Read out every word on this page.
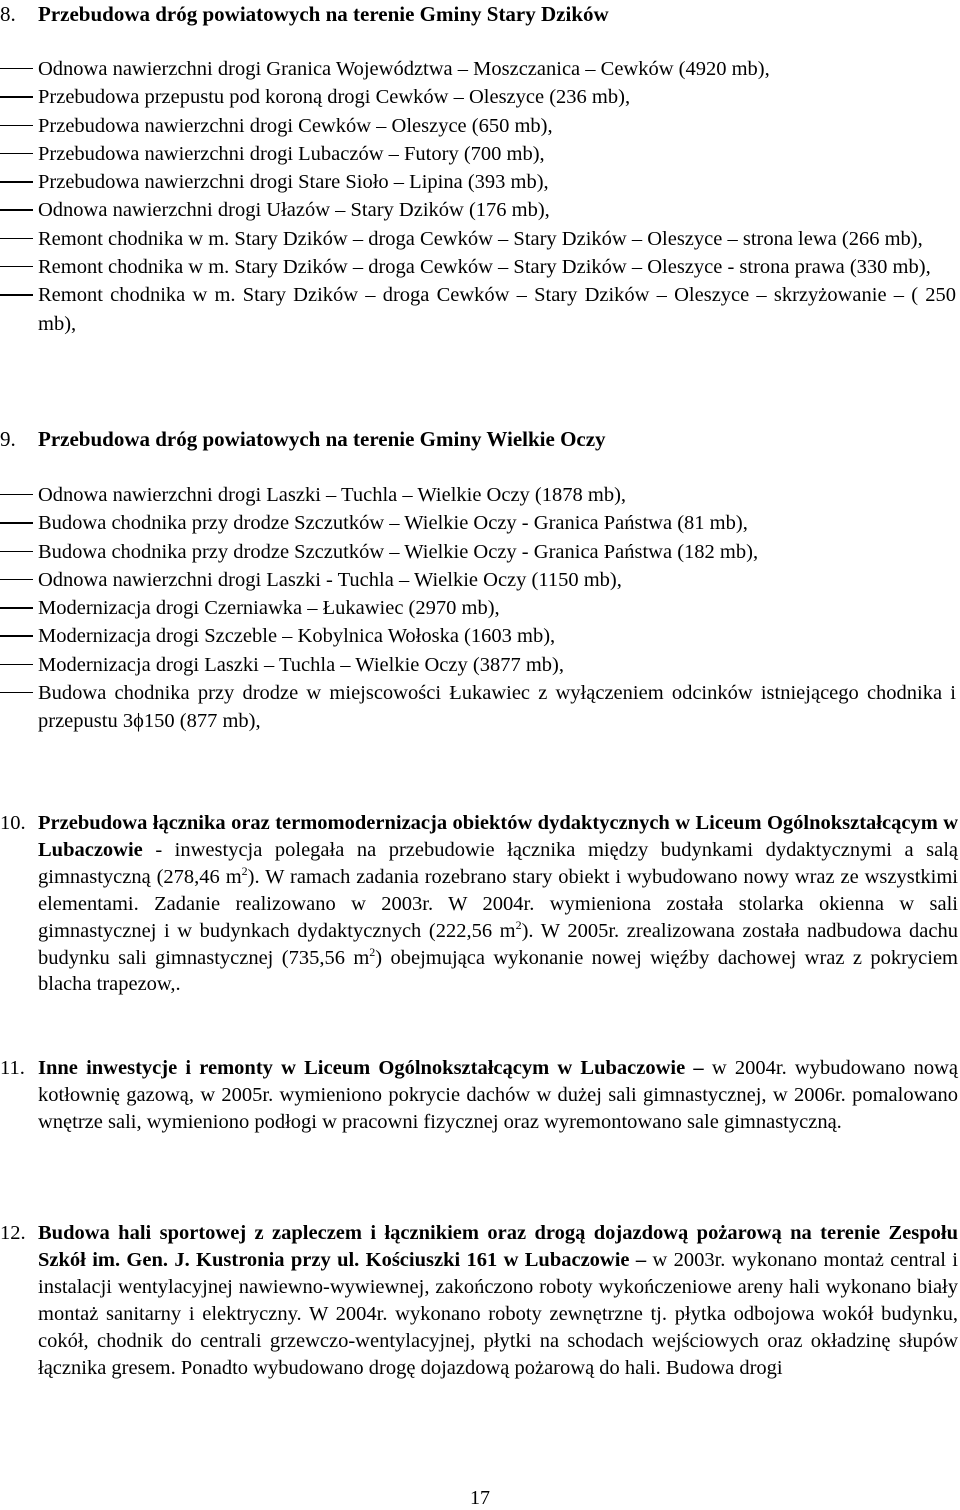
8. Przebudowa dróg powiatowych na terenie Gminy Stary Dzików
Odnowa nawierzchni drogi Granica Województwa – Moszczanica – Cewków (4920 mb),
Przebudowa przepustu pod koroną drogi Cewków – Oleszyce (236 mb),
Przebudowa nawierzchni drogi Cewków – Oleszyce (650 mb),
Przebudowa nawierzchni drogi Lubaczów – Futory (700 mb),
Przebudowa nawierzchni drogi Stare Sioło – Lipina (393 mb),
Odnowa nawierzchni drogi Ułazów – Stary Dzików (176 mb),
Remont chodnika w m. Stary Dzików – droga Cewków – Stary Dzików – Oleszyce – strona lewa (266 mb),
Remont chodnika w m. Stary Dzików – droga Cewków – Stary Dzików – Oleszyce - strona prawa (330 mb),
Remont chodnika w m. Stary Dzików – droga Cewków – Stary Dzików – Oleszyce – skrzyżowanie – ( 250 mb),
9. Przebudowa dróg powiatowych na terenie Gminy Wielkie Oczy
Odnowa nawierzchni drogi Laszki – Tuchla – Wielkie Oczy (1878 mb),
Budowa chodnika przy drodze Szczutków – Wielkie Oczy - Granica Państwa (81 mb),
Budowa chodnika przy drodze Szczutków – Wielkie Oczy - Granica Państwa (182 mb),
Odnowa nawierzchni drogi Laszki - Tuchla – Wielkie Oczy (1150 mb),
Modernizacja drogi Czerniawka – Łukawiec (2970 mb),
Modernizacja drogi Szczeble – Kobylnica Wołoska (1603 mb),
Modernizacja drogi Laszki – Tuchla – Wielkie Oczy (3877 mb),
Budowa chodnika przy drodze w miejscowości Łukawiec z wyłączeniem odcinków istniejącego chodnika i przepustu 3ϕ150 (877 mb),
10. Przebudowa łącznika oraz termomodernizacja obiektów dydaktycznych w Liceum Ogólnokształcącym w Lubaczowie - inwestycja polegała na przebudowie łącznika między budynkami dydaktycznymi a salą gimnastyczną (278,46 $m^2$). W ramach zadania rozebrano stary obiekt i wybudowano nowy wraz ze wszystkimi elementami. Zadanie realizowano w 2003r. W 2004r. wymieniona została stolarka okienna w sali gimnastycznej i w budynkach dydaktycznych (222,56 $m^2$). W 2005r. zrealizowana została nadbudowa dachu budynku sali gimnastycznej (735,56 $m^2$) obejmująca wykonanie nowej więźby dachowej wraz z pokryciem blacha trapezow,.
11. Inne inwestycje i remonty w Liceum Ogólnokształcącym w Lubaczowie – w 2004r. wybudowano nową kotłownię gazową, w 2005r. wymieniono pokrycie dachów w dużej sali gimnastycznej, w 2006r. pomalowano wnętrze sali, wymieniono podłogi w pracowni fizycznej oraz wyremontowano sale gimnastyczną.
12. Budowa hali sportowej z zapleczem i łącznikiem oraz drogą dojazdową pożarową na terenie Zespołu Szkół im. Gen. J. Kustronia przy ul. Kościuszki 161 w Lubaczowie – w 2003r. wykonano montaż central i instalacji wentylacyjnej nawiewno-wywiewnej, zakończono roboty wykończeniowe areny hali wykonano biały montaż sanitarny i elektryczny. W 2004r. wykonano roboty zewnętrzne tj. płytka odbojowa wokół budynku, cokół, chodnik do centrali grzewczo-wentylacyjnej, płytki na schodach wejściowych oraz okładzinę słupów łącznika gresem. Ponadto wybudowano drogę dojazdową pożarową do hali. Budowa drogi
17
